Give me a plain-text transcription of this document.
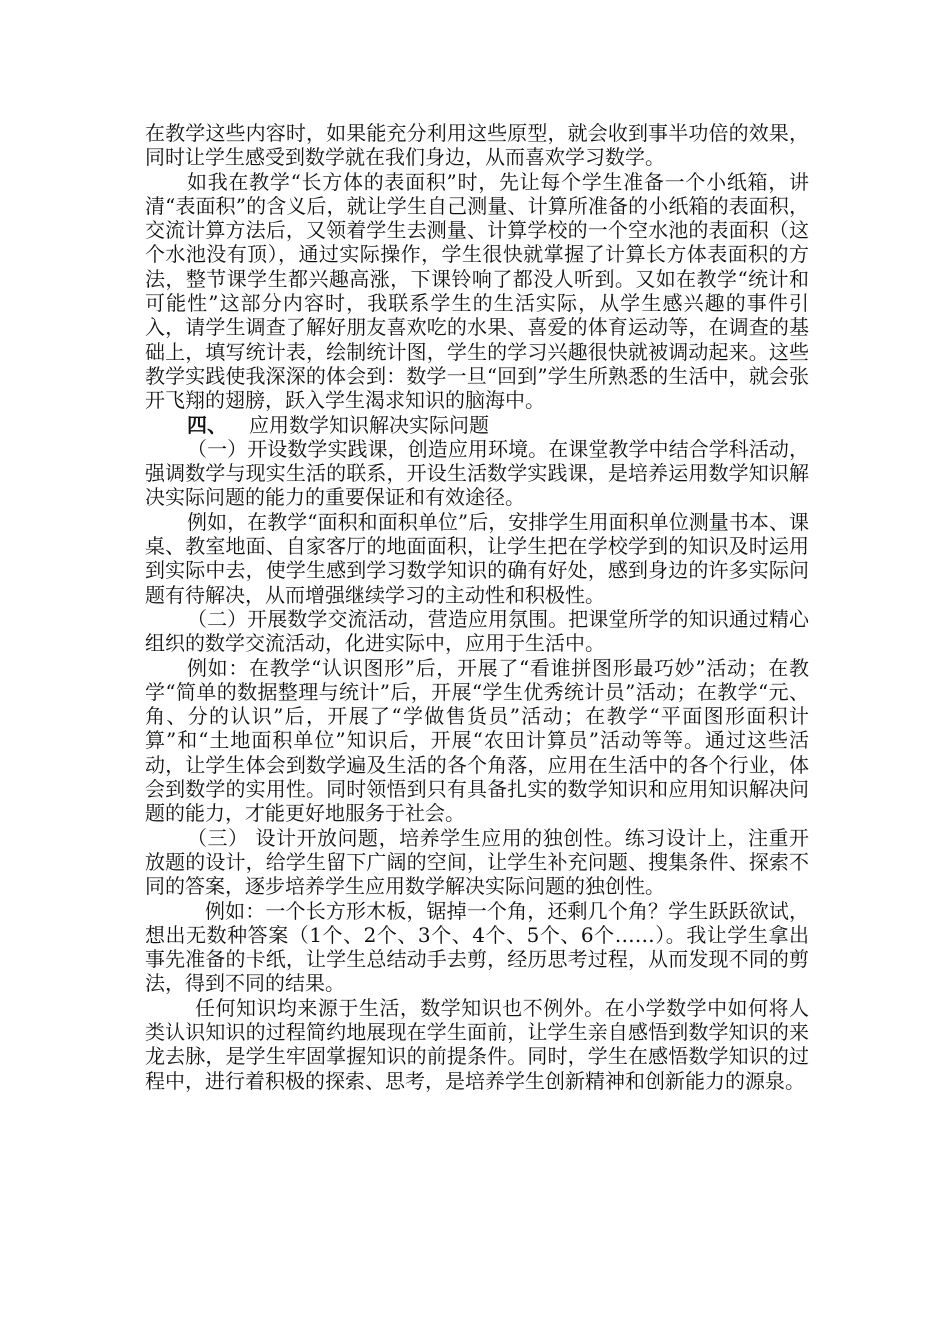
在教学这些内容时，如果能充分利用这些原型，就会收到事半功倍的效果，同时让学生感受到数学就在我们身边，从而喜欢学习数学。

如我在教学“长方体的表面积”时，先让每个学生准备一个小纸箱，讲清“表面积”的含义后，就让学生自己测量、计算所准备的小纸箱的表面积，交流计算方法后，又领着学生去测量、计算学校的一个空水池的表面积（这个水池没有顶），通过实际操作，学生很快就掌握了计算长方体表面积的方法，整节课学生都兴趣高涨，下课铃响了都没人听到。又如在教学“统计和可能性”这部分内容时，我联系学生的生活实际，从学生感兴趣的事件引入，请学生调查了解好朋友喜欢吃的水果、喜爱的体育运动等，在调查的基础上，填写统计表，绘制统计图，学生的学习兴趣很快就被调动起来。这些教学实践使我深深的体会到：数学一旦“回到”学生所熟悉的生活中，就会张开飞翔的翅膀，跃入学生渴求知识的脑海中。

四、	应用数学知识解决实际问题

（一）开设数学实践课，创造应用环境。在课堂教学中结合学科活动，强调数学与现实生活的联系，开设生活数学实践课，是培养运用数学知识解决实际问题的能力的重要保证和有效途径。

例如，在教学“面积和面积单位”后，安排学生用面积单位测量书本、课桌、教室地面、自家客厅的地面面积，让学生把在学校学到的知识及时运用到实际中去，使学生感到学习数学知识的确有好处，感到身边的许多实际问题有待解决，从而增强继续学习的主动性和积极性。

（二）开展数学交流活动，营造应用氛围。把课堂所学的知识通过精心组织的数学交流活动，化进实际中，应用于生活中。

例如：在教学“认识图形”后，开展了“看谁拼图形最巧妙”活动；在教学“简单的数据整理与统计”后，开展“学生优秀统计员”活动；在教学“元、角、分的认识”后，开展了“学做售货员”活动；在教学“平面图形面积计算”和“土地面积单位”知识后，开展“农田计算员”活动等等。通过这些活动，让学生体会到数学遍及生活的各个角落，应用在生活中的各个行业，体会到数学的实用性。同时领悟到只有具备扎实的数学知识和应用知识解决问题的能力，才能更好地服务于社会。

（三） 设计开放问题，培养学生应用的独创性。练习设计上，注重开放题的设计，给学生留下广阔的空间，让学生补充问题、搜集条件、探索不同的答案，逐步培养学生应用数学解决实际问题的独创性。

例如：一个长方形木板，锯掉一个角，还剩几个角？学生跃跃欲试，想出无数种答案（1个、2个、3个、4个、5个、6个……）。我让学生拿出事先准备的卡纸，让学生总结动手去剪，经历思考过程，从而发现不同的剪法，得到不同的结果。

任何知识均来源于生活，数学知识也不例外。在小学数学中如何将人类认识知识的过程简约地展现在学生面前，让学生亲自感悟到数学知识的来龙去脉，是学生牢固掌握知识的前提条件。同时，学生在感悟数学知识的过程中，进行着积极的探索、思考，是培养学生创新精神和创新能力的源泉。
